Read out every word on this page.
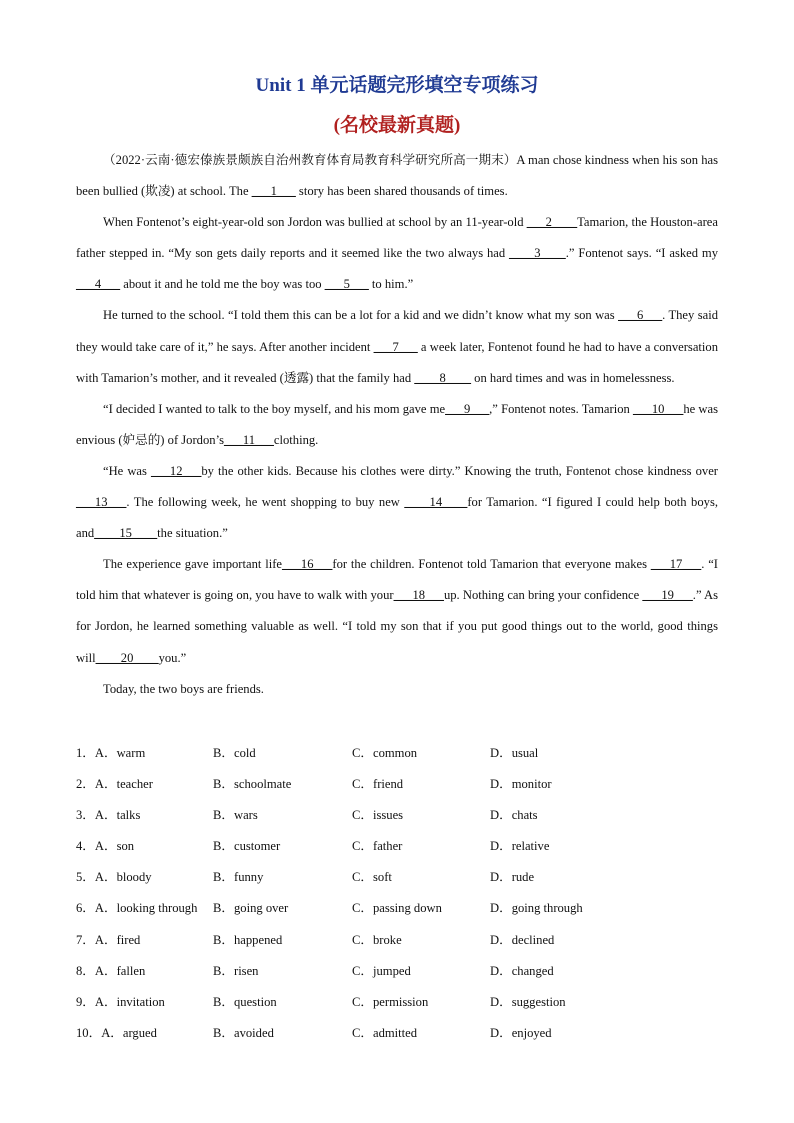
Unit 1 单元话题完形填空专项练习
(名校最新真题)

（2022·云南·德宏傣族景颇族自治州教育体育局教育科学研究所高一期末）A man chose kindness when his son has been bullied (欺凌) at school. The ___1___ story has been shared thousands of times.

When Fontenot’s eight-year-old son Jordon was bullied at school by an 11-year-old ___2____Tamarion, the Houston-area father stepped in. “My son gets daily reports and it seemed like the two always had ____3____.” Fontenot says. “I asked my ___4___ about it and he told me the boy was too ___5___ to him.”

He turned to the school. “I told them this can be a lot for a kid and we didn’t know what my son was ___6___. They said they would take care of it,” he says. After another incident ___7___ a week later, Fontenot found he had to have a conversation with Tamarion’s mother, and it revealed (透露) that the family had ____8____ on hard times and was in homelessness.

“I decided I wanted to talk to the boy myself, and his mom gave me___9___,” Fontenot notes. Tamarion ___10___he was envious (妒忌的) of Jordon’s___11___clothing.

“He was ___12___by the other kids. Because his clothes were dirty.” Knowing the truth, Fontenot chose kindness over ___13___. The following week, he went shopping to buy new ____14____for Tamarion. “I figured I could help both boys, and____15____the situation.”

The experience gave important life___16___for the children. Fontenot told Tamarion that everyone makes ___17___. “I told him that whatever is going on, you have to walk with your___18___up. Nothing can bring your confidence ___19___.” As for Jordon, he learned something valuable as well. “I told my son that if you put good things out to the world, good things will____20____you.”

Today, the two boys are friends.

1．A．warm	B．cold	C．common	D．usual
2．A．teacher	B．schoolmate	C．friend	D．monitor
3．A．talks	B．wars	C．issues	D．chats
4．A．son	B．customer	C．father	D．relative
5．A．bloody	B．funny	C．soft	D．rude
6．A．looking through B．going over	C．passing down	D．going through
7．A．fired	B．happened	C．broke	D．declined
8．A．fallen	B．risen	C．jumped	D．changed
9．A．invitation	B．question	C．permission	D．suggestion
10．A．argued	B．avoided	C．admitted	D．enjoyed
